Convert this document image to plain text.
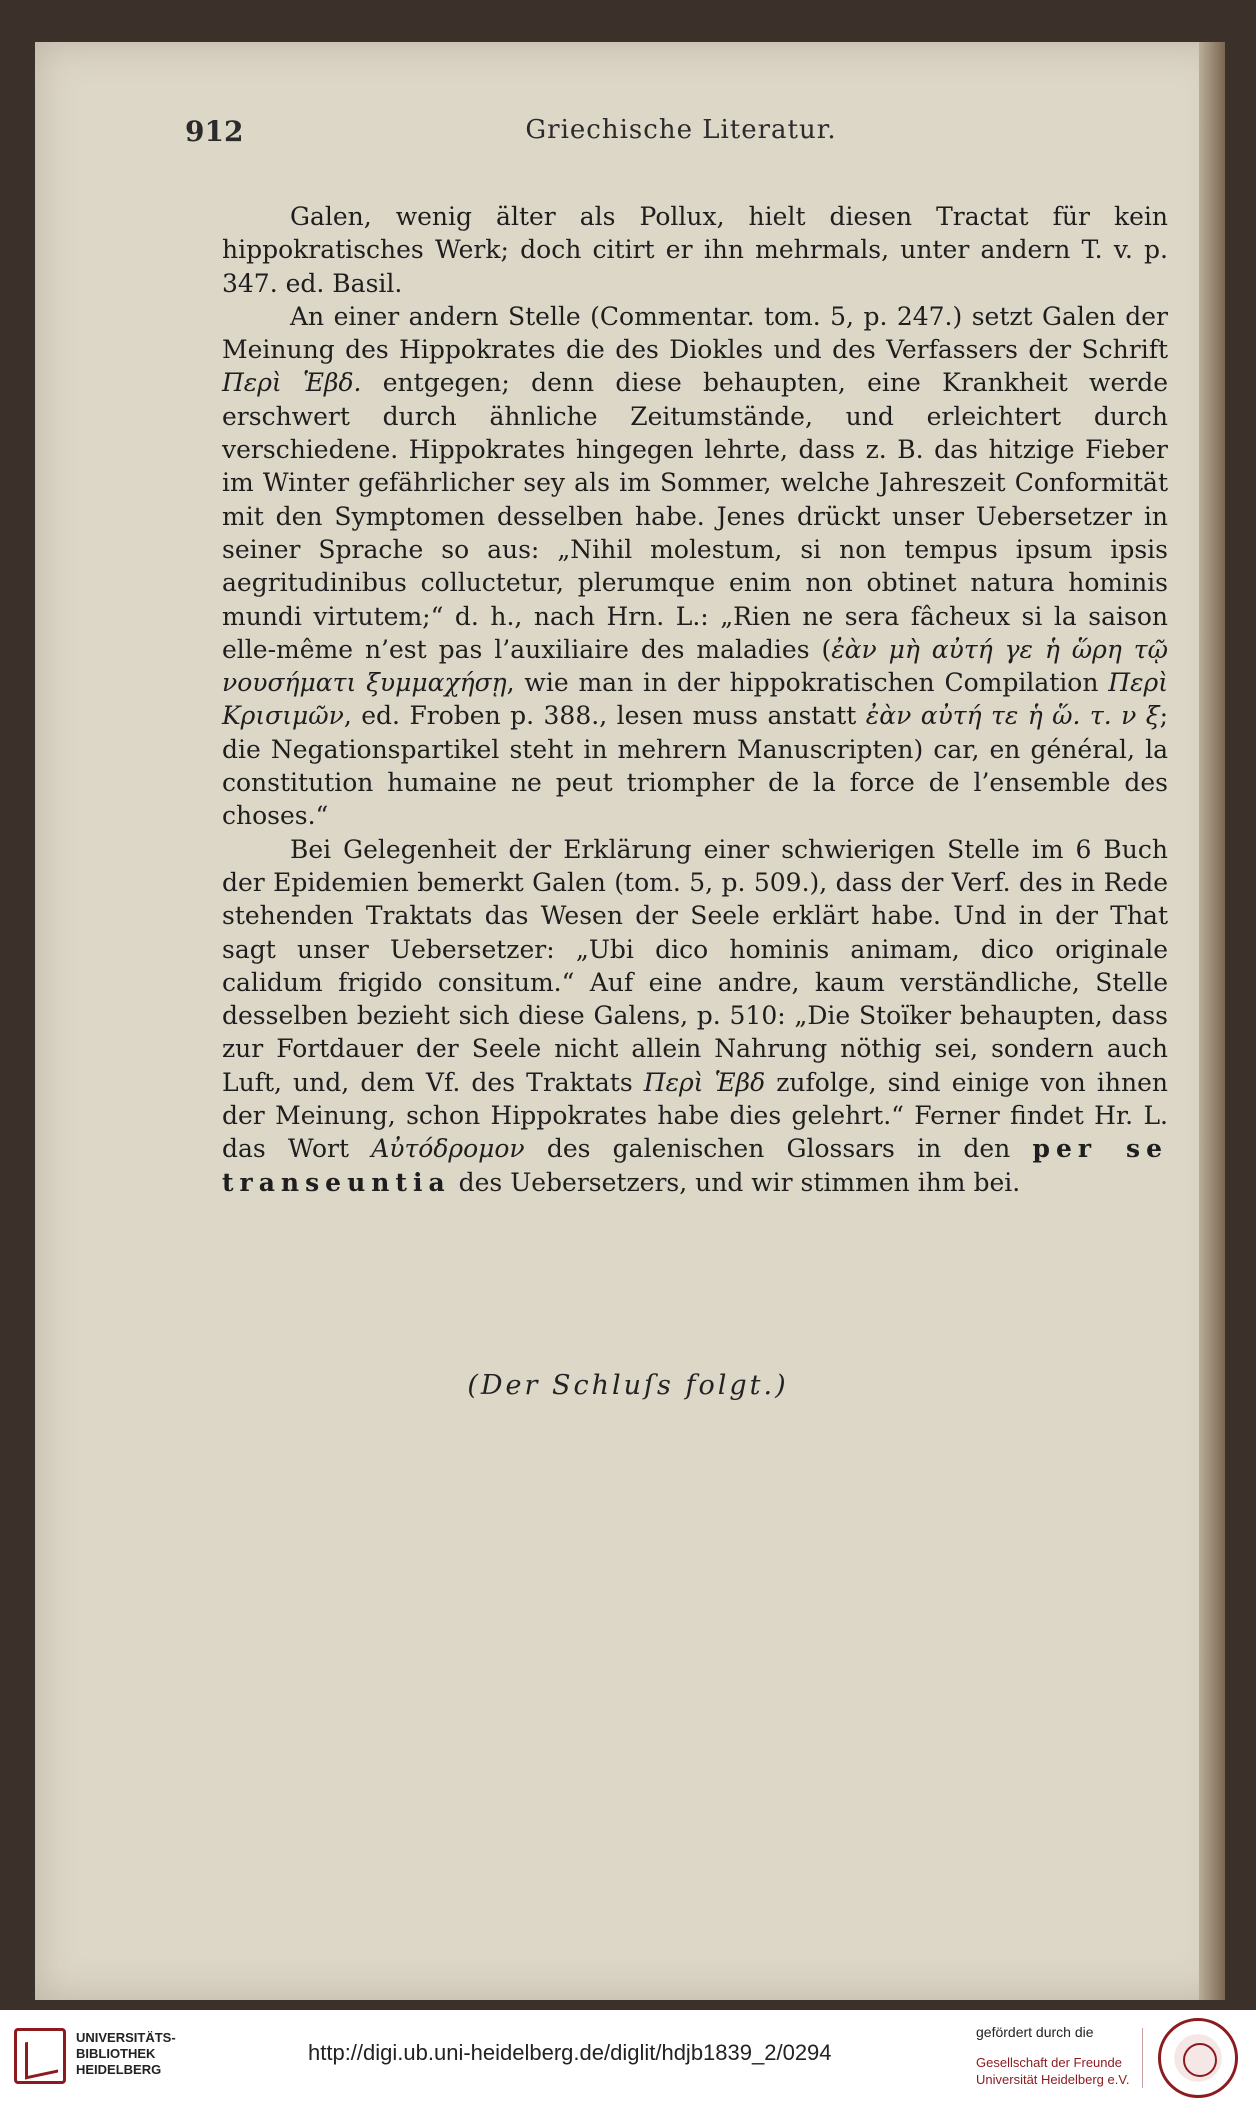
912	Griechische Literatur.

Galen, wenig älter als Pollux, hielt diesen Tractat für kein hippokratisches Werk; doch citirt er ihn mehrmals, unter andern T. v. p. 347. ed. Basil.

An einer andern Stelle (Commentar. tom. 5, p. 247.) setzt Galen der Meinung des Hippokrates die des Diokles und des Verfassers der Schrift Περὶ Ἑβδ. entgegen; denn diese behaupten, eine Krankheit werde erschwert durch ähnliche Zeitumstände, und erleichtert durch verschiedene. Hippokrates hingegen lehrte, dass z. B. das hitzige Fieber im Winter gefährlicher sey als im Sommer, welche Jahreszeit Conformität mit den Symptomen desselben habe. Jenes drückt unser Uebersetzer in seiner Sprache so aus: „Nihil molestum, si non tempus ipsum ipsis aegritudinibus colluctetur, plerumque enim non obtinet natura hominis mundi virtutem;“ d. h., nach Hrn. L.: „Rien ne sera fâcheux si la saison elle-même n’est pas l’auxiliaire des maladies (ἐὰν μὴ αὐτή γε ἡ ὥρη τῷ νουσήματι ξυμμαχήσῃ, wie man in der hippokratischen Compilation Περὶ Κρισιμῶν, ed. Froben p. 388., lesen muss anstatt ἐὰν αὐτή τε ἡ ὥ. τ. ν ξ; die Negationspartikel steht in mehrern Manuscripten) car, en général, la constitution humaine ne peut triompher de la force de l’ensemble des choses.“

Bei Gelegenheit der Erklärung einer schwierigen Stelle im 6 Buch der Epidemien bemerkt Galen (tom. 5, p. 509.), dass der Verf. des in Rede stehenden Traktats das Wesen der Seele erklärt habe. Und in der That sagt unser Uebersetzer: „Ubi dico hominis animam, dico originale calidum frigido consitum.“ Auf eine andre, kaum verständliche, Stelle desselben bezieht sich diese Galens, p. 510: „Die Stoïker behaupten, dass zur Fortdauer der Seele nicht allein Nahrung nöthig sei, sondern auch Luft, und, dem Vf. des Traktats Περὶ Ἑβδ zufolge, sind einige von ihnen der Meinung, schon Hippokrates habe dies gelehrt.“ Ferner findet Hr. L. das Wort Αὐτόδρομον des galenischen Glossars in den per se transeuntia des Uebersetzers, und wir stimmen ihm bei.

(Der Schluſs folgt.)
UNIVERSITÄTS-
BIBLIOTHEK
HEIDELBERG
http://digi.ub.uni-heidelberg.de/diglit/hdjb1839_2/0294
gefördert durch die
Gesellschaft der Freunde
Universität Heidelberg e.V.
